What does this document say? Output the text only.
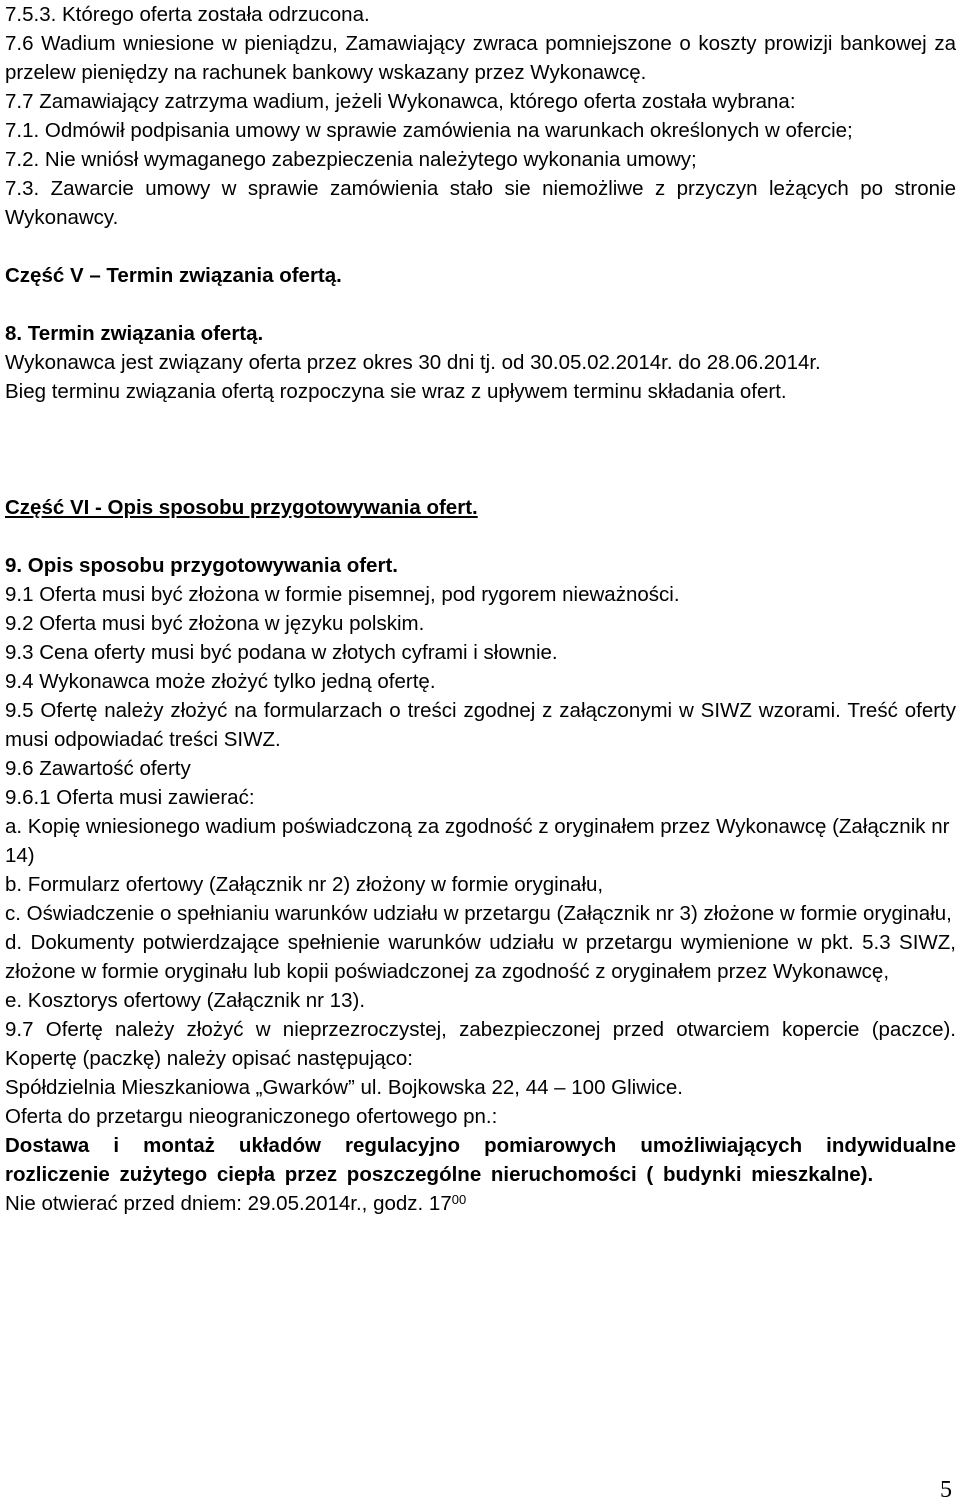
7.5.3. Którego oferta została odrzucona.

7.6 Wadium wniesione w pieniądzu, Zamawiający zwraca pomniejszone o koszty prowizji bankowej za przelew pieniędzy na rachunek bankowy wskazany przez Wykonawcę.

7.7 Zamawiający zatrzyma wadium, jeżeli Wykonawca, którego oferta została wybrana:

7.1. Odmówił podpisania umowy w sprawie zamówienia na warunkach określonych w ofercie;

7.2. Nie wniósł wymaganego zabezpieczenia należytego wykonania umowy;

7.3. Zawarcie umowy w sprawie zamówienia stało sie niemożliwe z przyczyn leżących po stronie Wykonawcy.

Część V – Termin związania ofertą.

8. Termin związania ofertą.

Wykonawca jest związany oferta przez okres 30 dni tj. od 30.05.02.2014r. do 28.06.2014r.

Bieg terminu związania ofertą rozpoczyna sie wraz z upływem terminu składania ofert.

Część VI - Opis sposobu przygotowywania ofert.

9. Opis sposobu przygotowywania ofert.

9.1 Oferta musi być złożona w formie pisemnej, pod rygorem nieważności.

9.2 Oferta musi być złożona w języku polskim.

9.3 Cena oferty musi być podana w złotych cyframi i słownie.

9.4 Wykonawca może złożyć tylko jedną ofertę.

9.5 Ofertę należy złożyć na formularzach o treści zgodnej z załączonymi w SIWZ wzorami. Treść oferty musi odpowiadać treści SIWZ.

9.6 Zawartość oferty

9.6.1 Oferta musi zawierać:

a. Kopię wniesionego wadium poświadczoną za zgodność z oryginałem przez Wykonawcę (Załącznik nr 14)

b. Formularz ofertowy (Załącznik nr 2) złożony w formie oryginału,

c. Oświadczenie o spełnianiu warunków udziału w przetargu (Załącznik nr 3) złożone w formie oryginału,

d. Dokumenty potwierdzające spełnienie warunków udziału w przetargu wymienione w pkt. 5.3 SIWZ, złożone w formie oryginału lub kopii poświadczonej za zgodność z oryginałem przez Wykonawcę,

e. Kosztorys ofertowy (Załącznik nr 13).

9.7 Ofertę należy złożyć w nieprzezroczystej, zabezpieczonej przed otwarciem kopercie (paczce). Kopertę (paczkę) należy opisać następująco:

Spółdzielnia Mieszkaniowa „Gwarków” ul. Bojkowska 22, 44 – 100 Gliwice.

Oferta do przetargu nieograniczonego ofertowego pn.:

Dostawa i montaż układów regulacyjno pomiarowych umożliwiających indywidualne rozliczenie zużytego ciepła przez poszczególne nieruchomości ( budynki mieszkalne).

Nie otwierać przed dniem: 29.05.2014r., godz. $17^{00}$

5
